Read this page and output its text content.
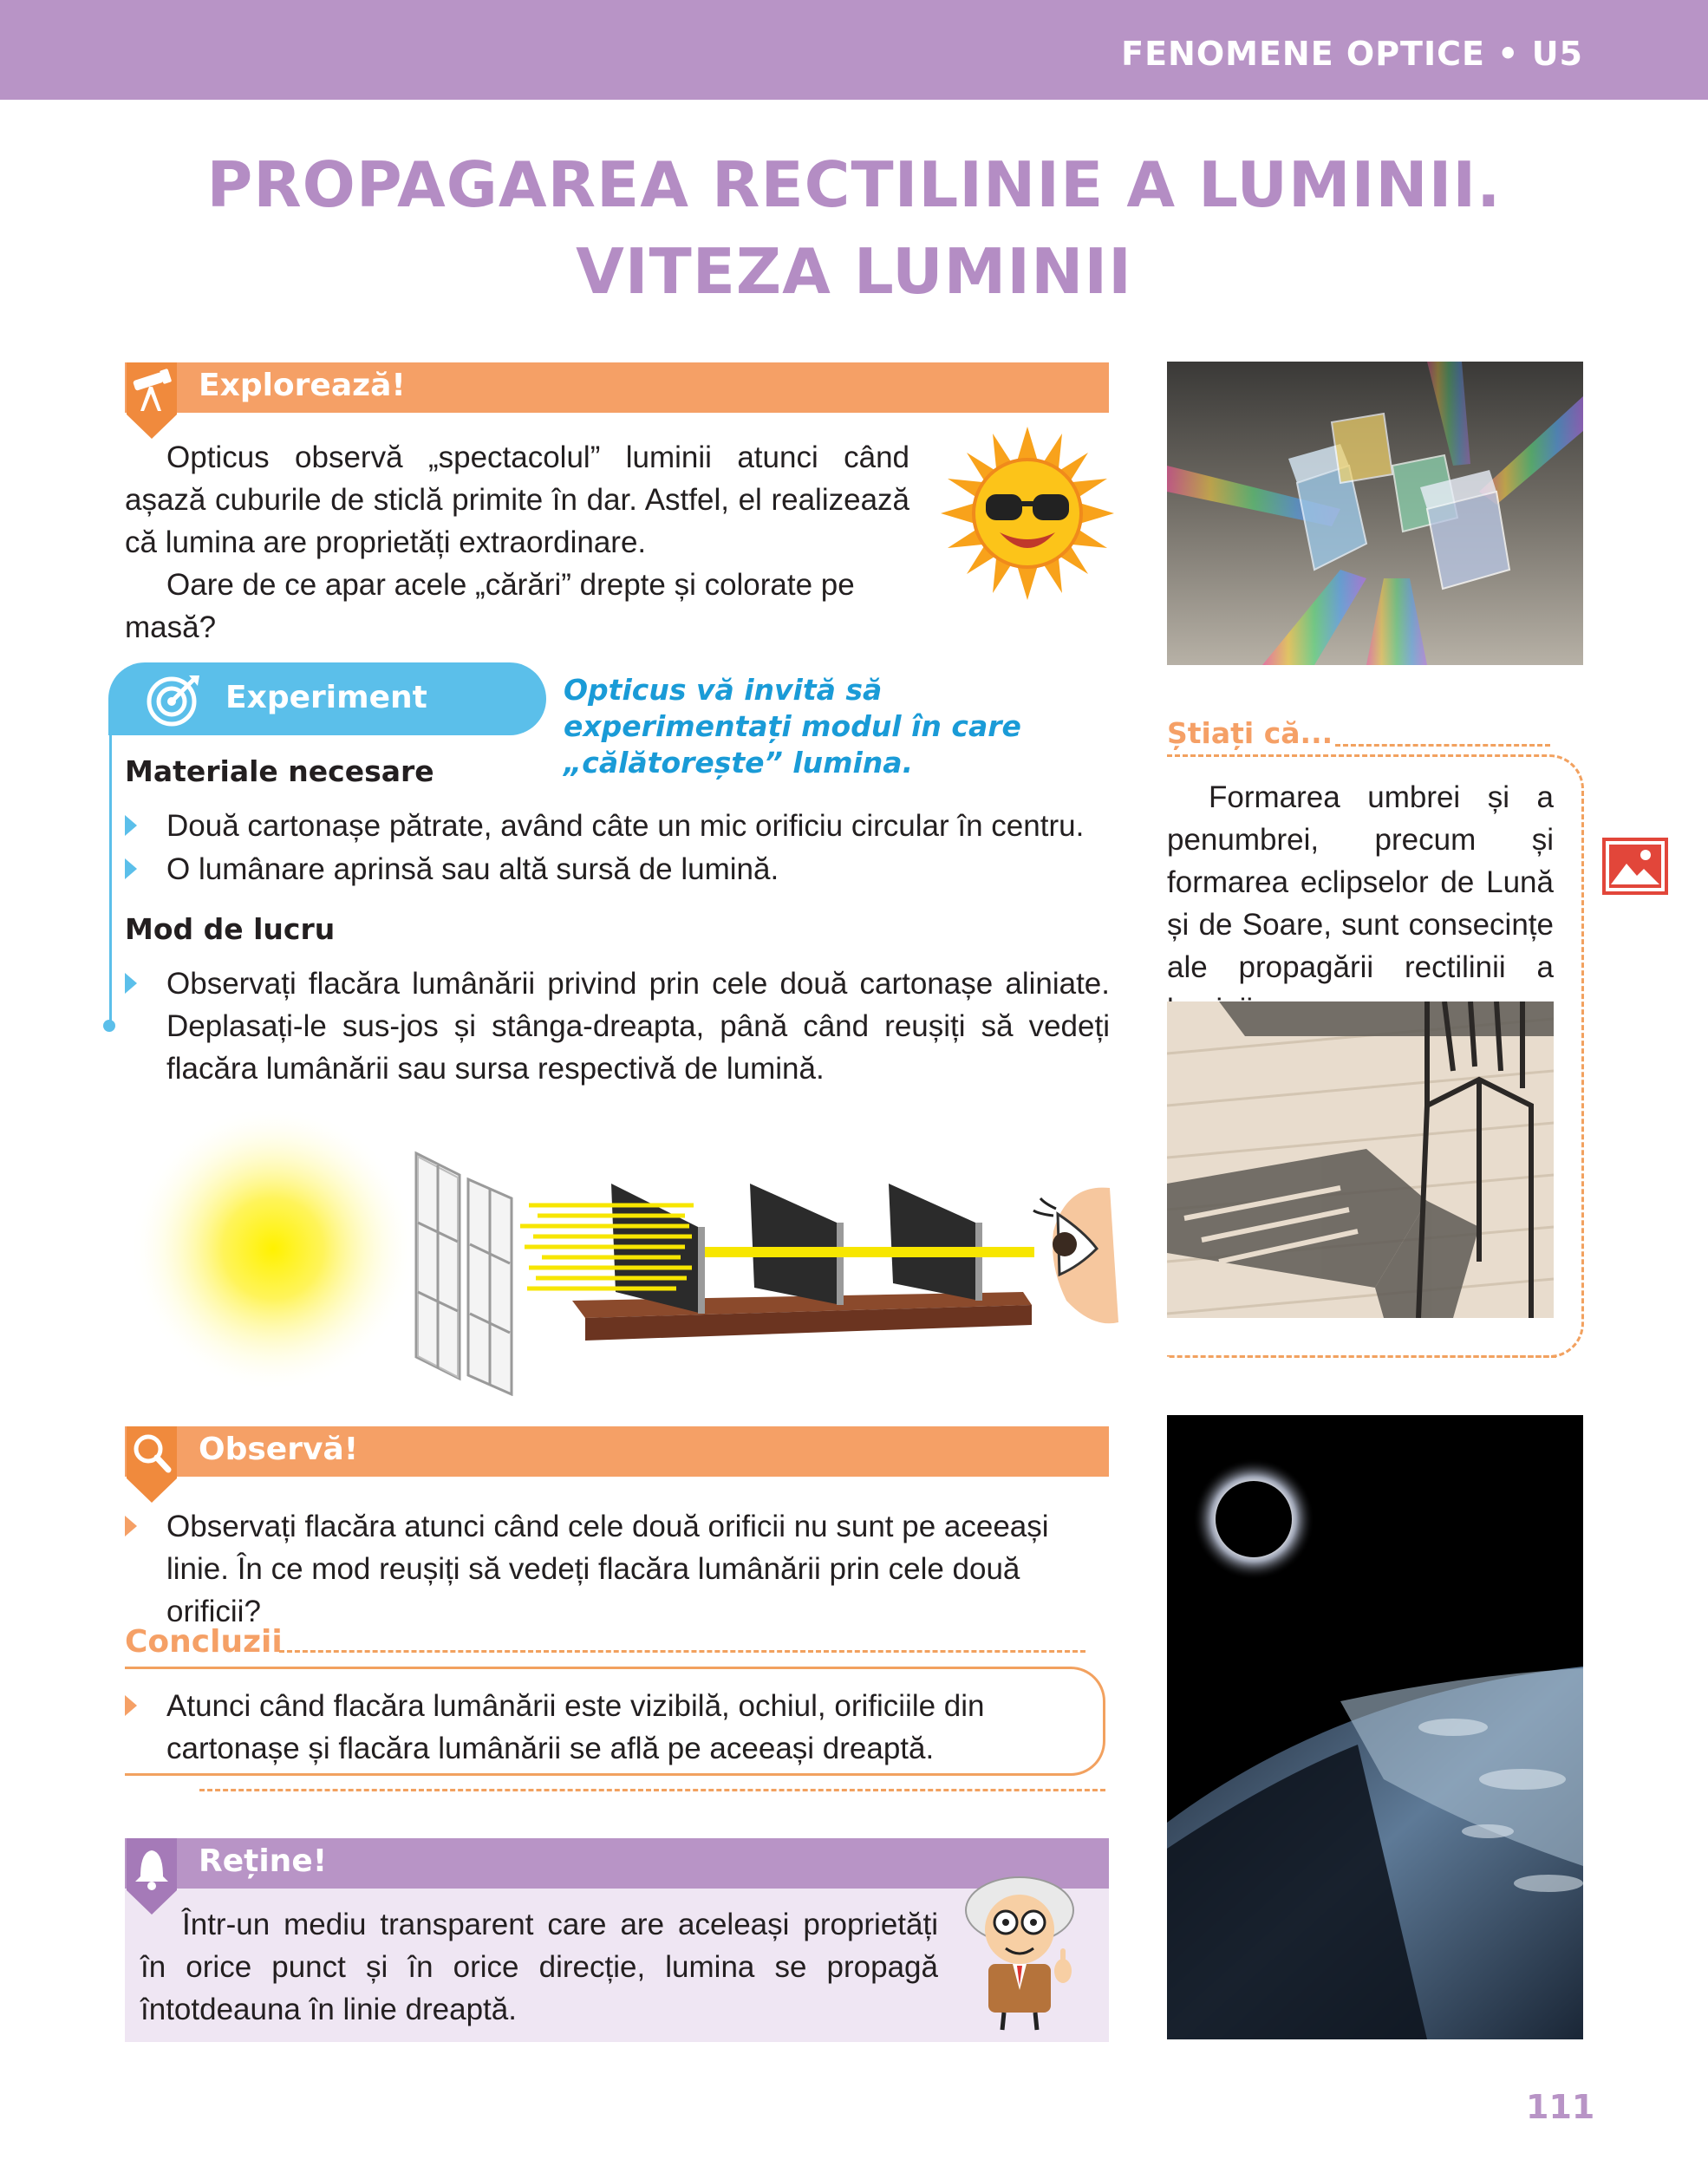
FENOMENE OPTICE • U5
PROPAGAREA RECTILINIE A LUMINII.
VITEZA LUMINII
Explorează!

Opticus observă „spectacolul” luminii atunci când așază cuburile de sticlă primite în dar. Astfel, el realizează că lumina are proprietăți extraordinare.

Oare de ce apar acele „cărări” drepte și colorate pe masă?

Experiment	Opticus vă invită să experimentați modul în care „călătorește” lumina.
Materiale necesare
Două cartonașe pătrate, având câte un mic orificiu circular în centru.
O lumânare aprinsă sau altă sursă de lumină.
Mod de lucru
Observați flacăra lumânării privind prin cele două cartonașe aliniate. Deplasați-le sus-jos și stânga-dreapta, până când reușiți să vedeți flacăra lumânării sau sursa respectivă de lumină.
Știați că...
Formarea umbrei și a penumbrei, precum și formarea eclipselor de Lună și de Soare, sunt consecințe ale propagării rectilinii a
Observă!
Observați flacăra atunci când cele două orificii nu sunt pe aceeași linie. În ce mod reușiți să vedeți flacăra lumânării prin cele două orificii?
Concluzii
Atunci când flacăra lumânării este vizibilă, ochiul, orificiile din cartonașe și flacăra lumânării se află pe aceeași dreaptă.
Reține!
Într-un mediu transparent care are aceleași proprietăți în orice punct și în orice direcție, lumina se propagă întotdeauna în linie dreaptă.
111
